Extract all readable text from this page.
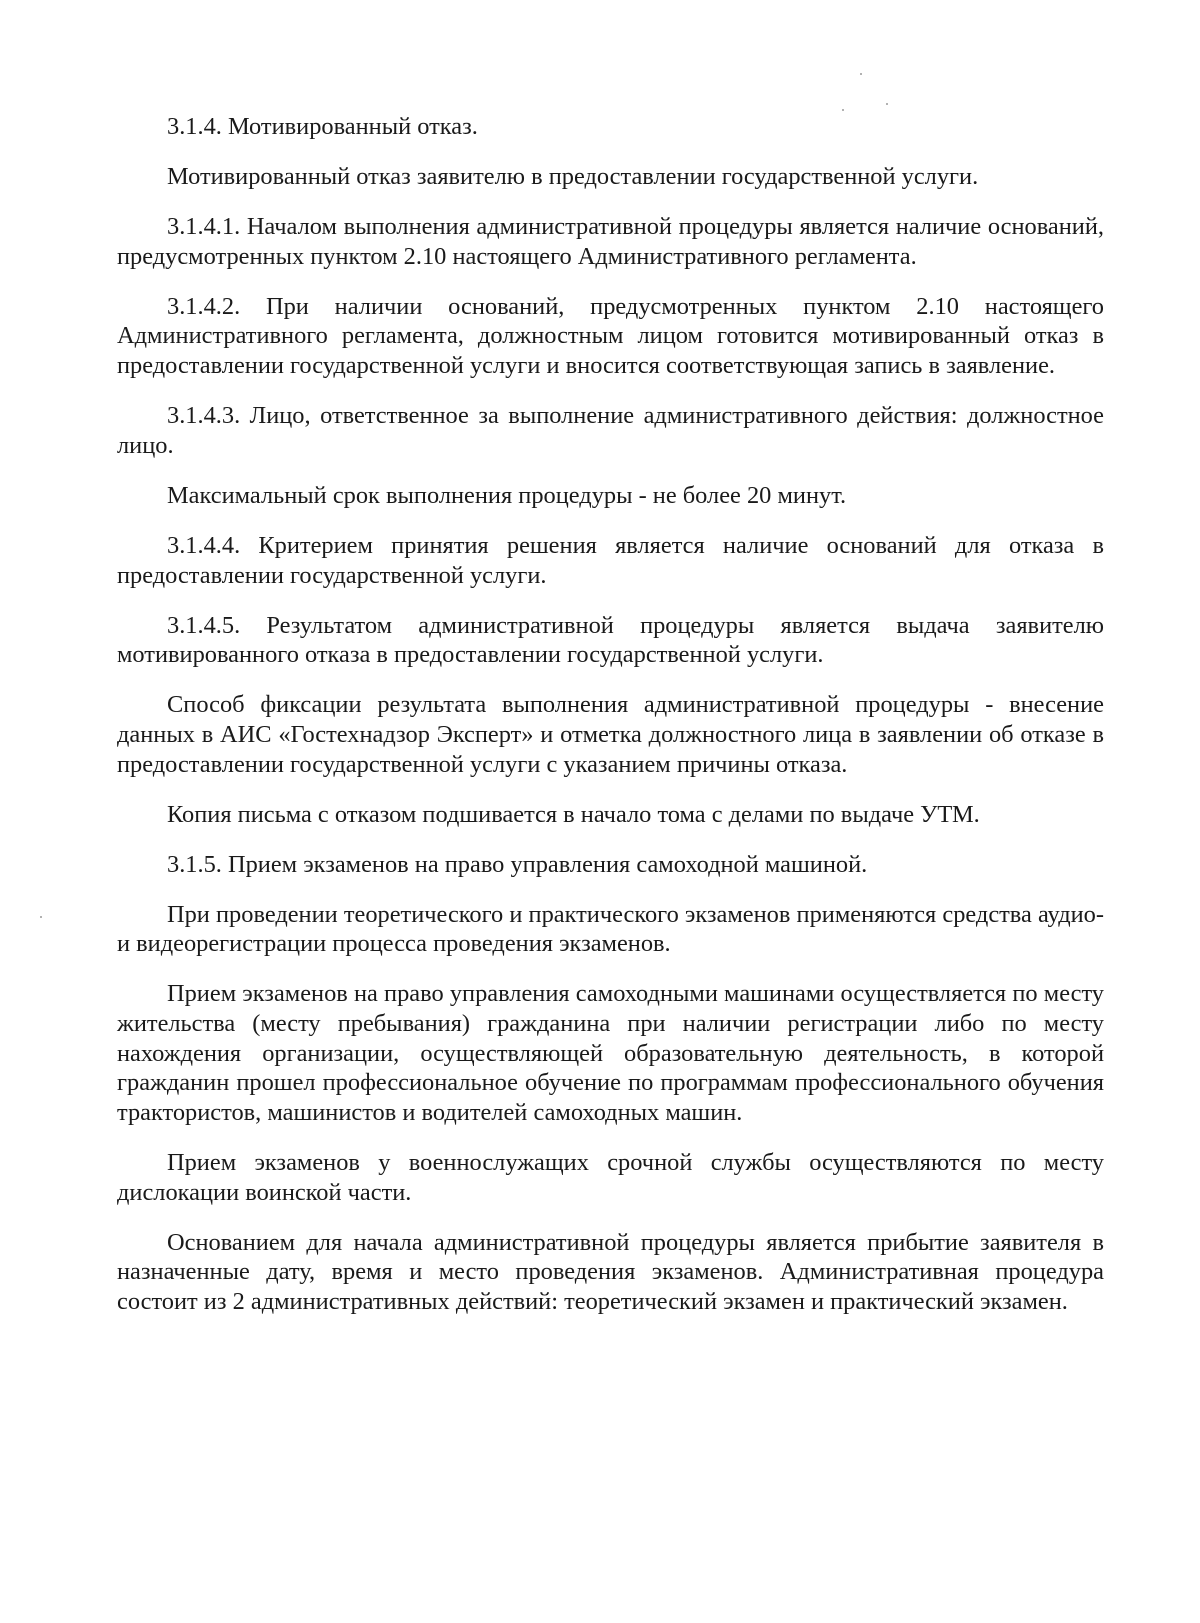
3.1.4. Мотивированный отказ.

Мотивированный отказ заявителю в предоставлении государственной услуги.

3.1.4.1. Началом выполнения административной процедуры является наличие оснований, предусмотренных пунктом 2.10 настоящего Административного регламента.

3.1.4.2. При наличии оснований, предусмотренных пунктом 2.10 настоящего Административного регламента, должностным лицом готовится мотивированный отказ в предоставлении государственной услуги и вносится соответствующая запись в заявление.

3.1.4.3. Лицо, ответственное за выполнение административного действия: должностное лицо.

Максимальный срок выполнения процедуры - не более 20 минут.

3.1.4.4. Критерием принятия решения является наличие оснований для отказа в предоставлении государственной услуги.

3.1.4.5. Результатом административной процедуры является выдача заявителю мотивированного отказа в предоставлении государственной услуги.

Способ фиксации результата выполнения административной процедуры - внесение данных в АИС «Гостехнадзор Эксперт» и отметка должностного лица в заявлении об отказе в предоставлении государственной услуги с указанием причины отказа.

Копия письма с отказом подшивается в начало тома с делами по выдаче УТМ.

3.1.5. Прием экзаменов на право управления самоходной машиной.

При проведении теоретического и практического экзаменов применяются средства аудио- и видеорегистрации процесса проведения экзаменов.

Прием экзаменов на право управления самоходными машинами осуществляется по месту жительства (месту пребывания) гражданина при наличии регистрации либо по месту нахождения организации, осуществляющей образовательную деятельность, в которой гражданин прошел профессиональное обучение по программам профессионального обучения трактористов, машинистов и водителей самоходных машин.

Прием экзаменов у военнослужащих срочной службы осуществляются по месту дислокации воинской части.

Основанием для начала административной процедуры является прибытие заявителя в назначенные дату, время и место проведения экзаменов. Административная процедура состоит из 2 административных действий: теоретический экзамен и практический экзамен.
